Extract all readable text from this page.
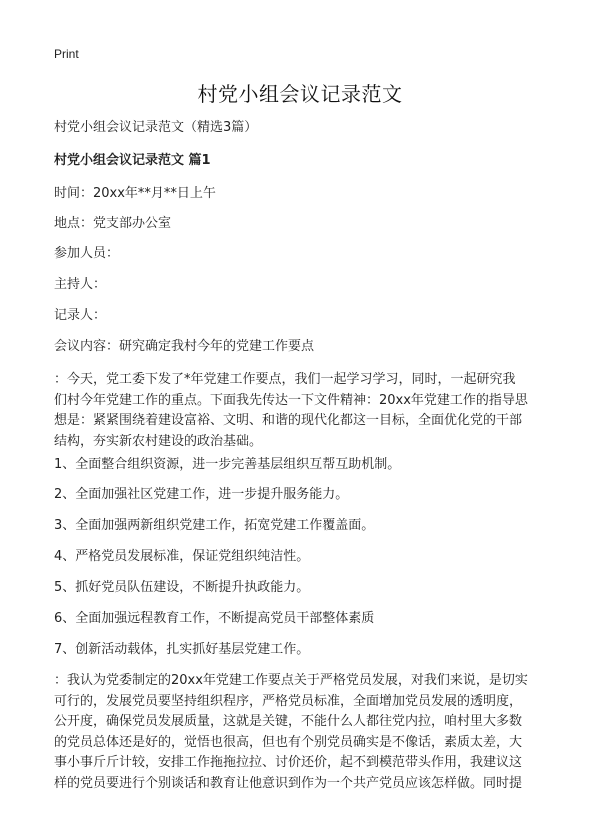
Print
村党小组会议记录范文
村党小组会议记录范文（精选3篇）
村党小组会议记录范文 篇1
时间：20xx年**月**日上午
地点：党支部办公室
参加人员：
主持人：
记录人：
会议内容：研究确定我村今年的党建工作要点
：今天，党工委下发了*年党建工作要点，我们一起学习学习，同时，一起研究我
们村今年党建工作的重点。下面我先传达一下文件精神：20xx年党建工作的指导思
想是：紧紧围绕着建设富裕、文明、和谐的现代化都这一目标，全面优化党的干部
结构，夯实新农村建设的政治基础。
1、全面整合组织资源，进一步完善基层组织互帮互助机制。
2、全面加强社区党建工作，进一步提升服务能力。
3、全面加强两新组织党建工作，拓宽党建工作覆盖面。
4、严格党员发展标准，保证党组织纯洁性。
5、抓好党员队伍建设，不断提升执政能力。
6、全面加强远程教育工作，不断提高党员干部整体素质
7、创新活动载体，扎实抓好基层党建工作。
：我认为党委制定的20xx年党建工作要点关于严格党员发展，对我们来说，是切实
可行的，发展党员要坚持组织程序，严格党员标准，全面增加党员发展的透明度，
公开度，确保党员发展质量，这就是关键，不能什么人都往党内拉，咱村里大多数
的党员总体还是好的，觉悟也很高，但也有个别党员确实是不像话，素质太差，大
事小事斤斤计较，安排工作拖拖拉拉、讨价还价，起不到模范带头作用，我建议这
样的党员要进行个别谈话和教育让他意识到作为一个共产党员应该怎样做。同时提
